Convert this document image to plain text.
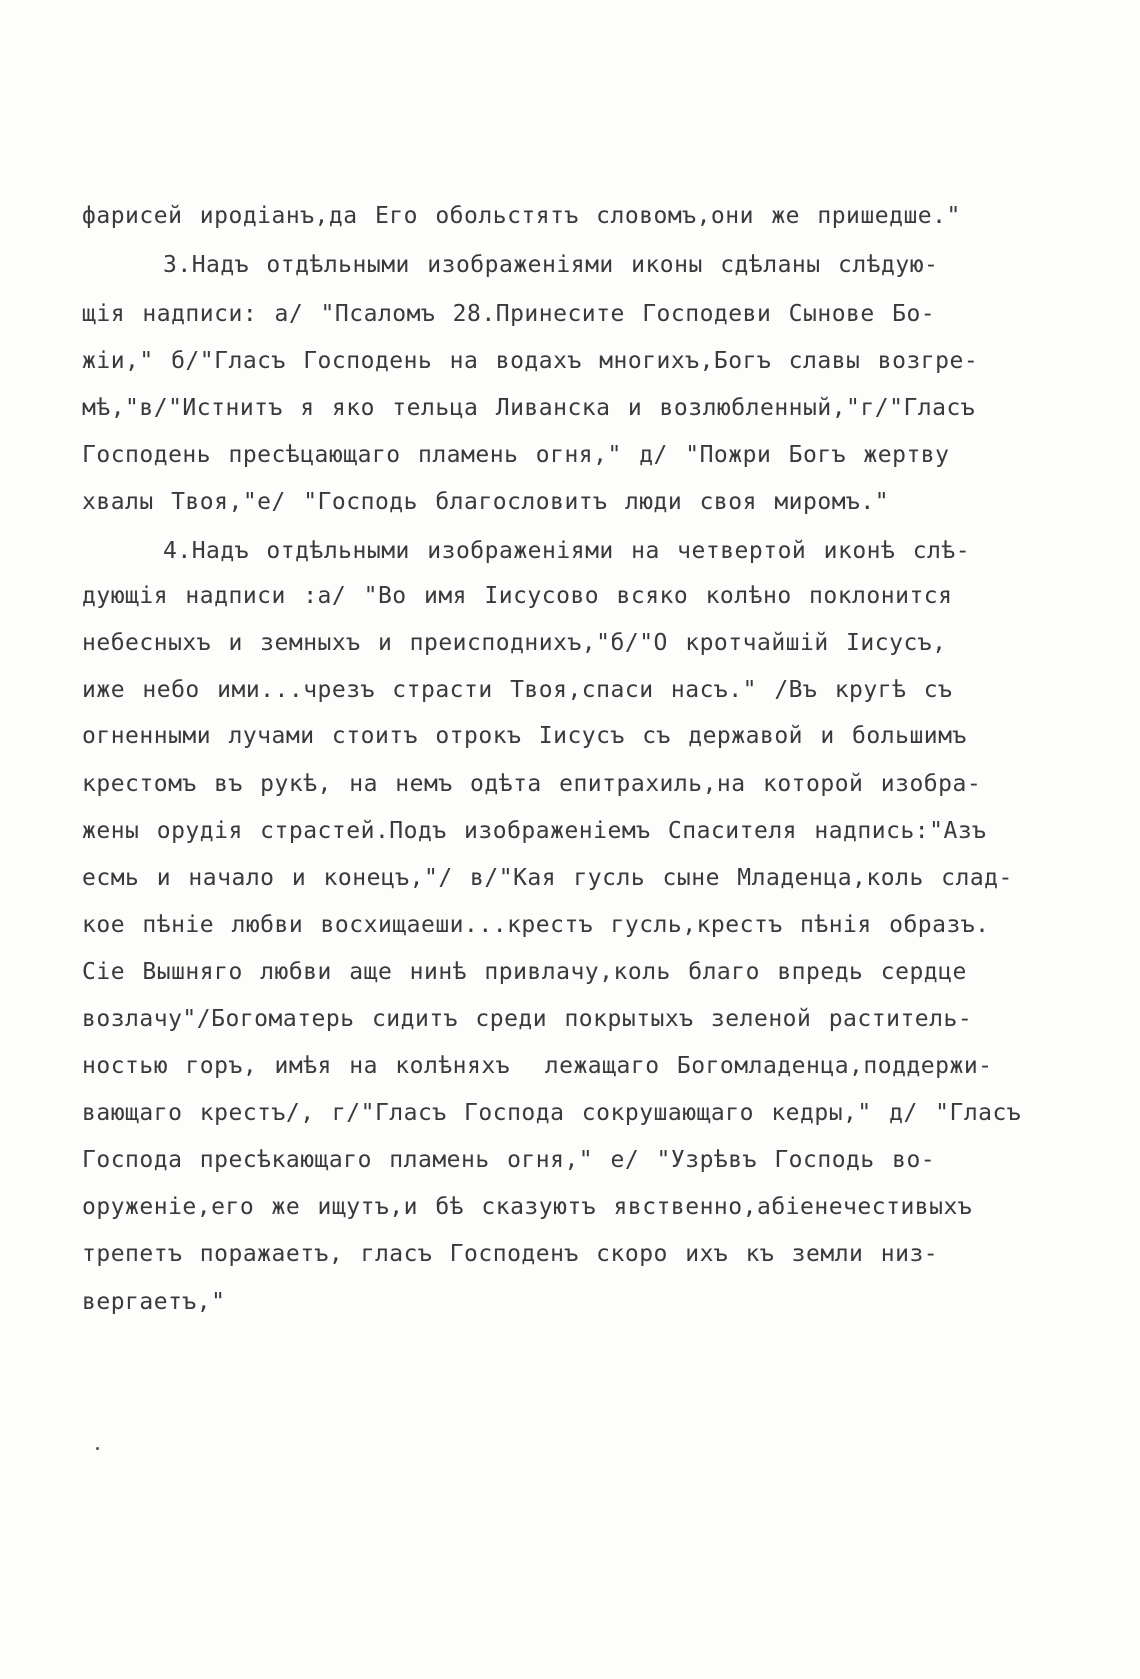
фарисей иродіанъ,да Его обольстятъ словомъ,они же пришедше."
3.Надъ отдѣльными изображеніями иконы сдѣланы слѣдую-
щія надписи: а/ "Псаломъ 28.Принесите Господеви Сынове Бо-
жіи," б/"Гласъ Господень на водахъ многихъ,Богъ славы возгре-
мѣ,"в/"Истнитъ я яко тельца Ливанска и возлюбленный,"г/"Гласъ
Господень пресѣцающаго пламень огня," д/ "Пожри Богъ жертву
хвалы Твоя,"е/ "Господь благословитъ люди своя миромъ."
4.Надъ отдѣльными изображеніями на четвертой иконѣ слѣ-
дующія надписи :а/ "Во имя Іисусово всяко колѣно поклонится
небесныхъ и земныхъ и преисподнихъ,"б/"О кротчайшій Іисусъ,
иже небо ими...чрезъ страсти Твоя,спаси насъ." /Въ кругѣ съ
огненными лучами стоитъ отрокъ Іисусъ съ державой и большимъ
крестомъ въ рукѣ, на немъ одѣта епитрахиль,на которой изобра-
жены орудія страстей.Подъ изображеніемъ Спасителя надпись:"Азъ
есмь и начало и конецъ,"/ в/"Кая гусль сыне Младенца,коль слад-
кое пѣніе любви восхищаеши...крестъ гусль,крестъ пѣнія образъ.
Сіе Вышняго любви аще нинѣ привлачу,коль благо впредь сердце
возлачу"/Богоматерь сидитъ среди покрытыхъ зеленой раститель-
ностью горъ, имѣя на колѣняхъ  лежащаго Богомладенца,поддержи-
вающаго крестъ/, г/"Гласъ Господа сокрушающаго кедры," д/ "Гласъ
Господа пресѣкающаго пламень огня," е/ "Узрѣвъ Господь во-
оруженіе,его же ищутъ,и бѣ сказуютъ явственно,абіенечестивыхъ
трепетъ поражаетъ, гласъ Господенъ скоро ихъ къ земли низ-
вергаетъ,"
